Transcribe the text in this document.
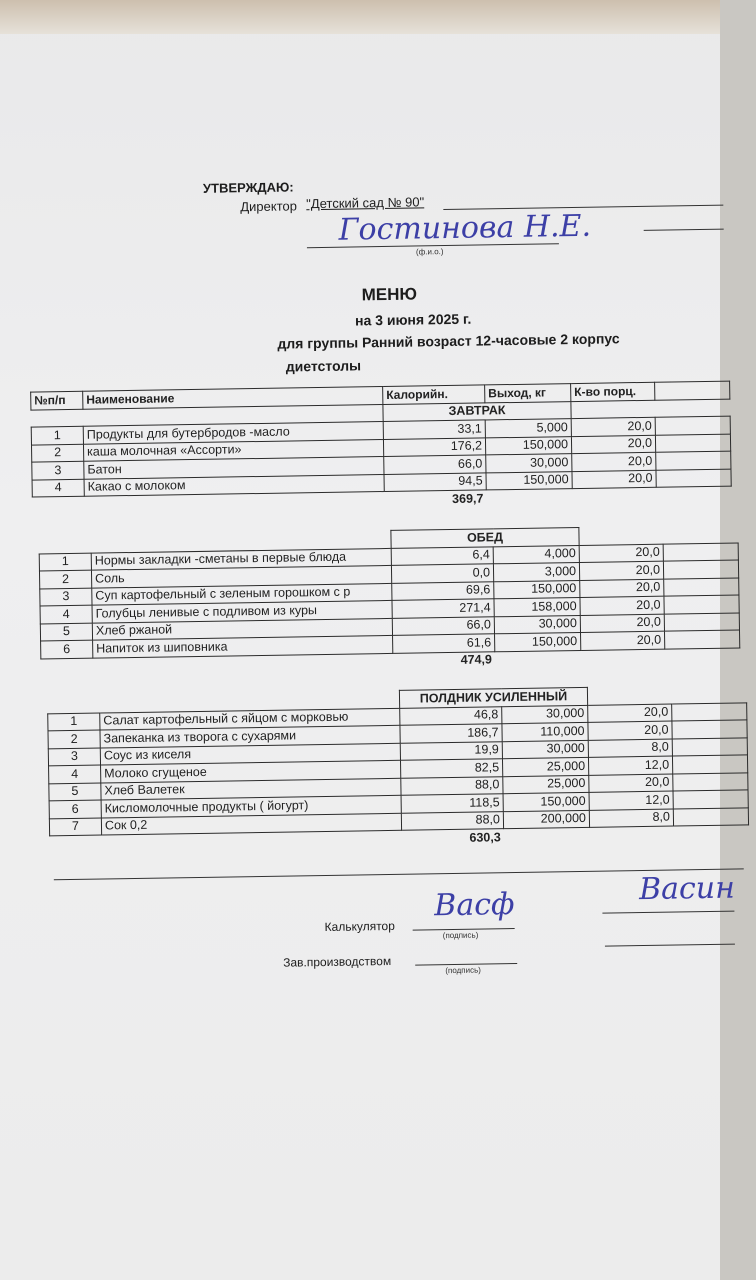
УТВЕРЖДАЮ:
Директор "Детский сад № 90"
Гостинова Н.Е.
(ф.и.о.)
МЕНЮ
на 3 июня 2025 г.
для группы Ранний возраст 12-часовые 2 корпус
диетстолы
№п/п	Наименование	Калорийн.	Выход, кг	К-во порц.	
		ЗАВТРАК			
1	Продукты для бутербродов -масло	33,1	5,000	20,0	
2	каша молочная «Ассорти»	176,2	150,000	20,0	
3	Батон	66,0	30,000	20,0	
4	Какао с молоком	94,5	150,000	20,0	
		369,7			
		ОБЕД			
1	Нормы закладки -сметаны в первые блюда	6,4	4,000	20,0	
2	Соль	0,0	3,000	20,0	
3	Суп картофельный с зеленым горошком с р	69,6	150,000	20,0	
4	Голубцы ленивые с подливом из куры	271,4	158,000	20,0	
5	Хлеб ржаной	66,0	30,000	20,0	
6	Напиток из шиповника	61,6	150,000	20,0	
		474,9			
		ПОЛДНИК УСИЛЕННЫЙ			
1	Салат картофельный с яйцом с морковью	46,8	30,000	20,0	
2	Запеканка из творога с сухарями	186,7	110,000	20,0	
3	Соус из киселя	19,9	30,000	8,0	
4	Молоко сгущеное	82,5	25,000	12,0	
5	Хлеб Валетек	88,0	25,000	20,0	
6	Кисломолочные продукты ( йогурт)	118,5	150,000	12,0	
7	Сок 0,2	88,0	200,000	8,0	
		630,3			
Калькулятор
Васф
(подпись)
Зав.производством
(подпись)
Васин
